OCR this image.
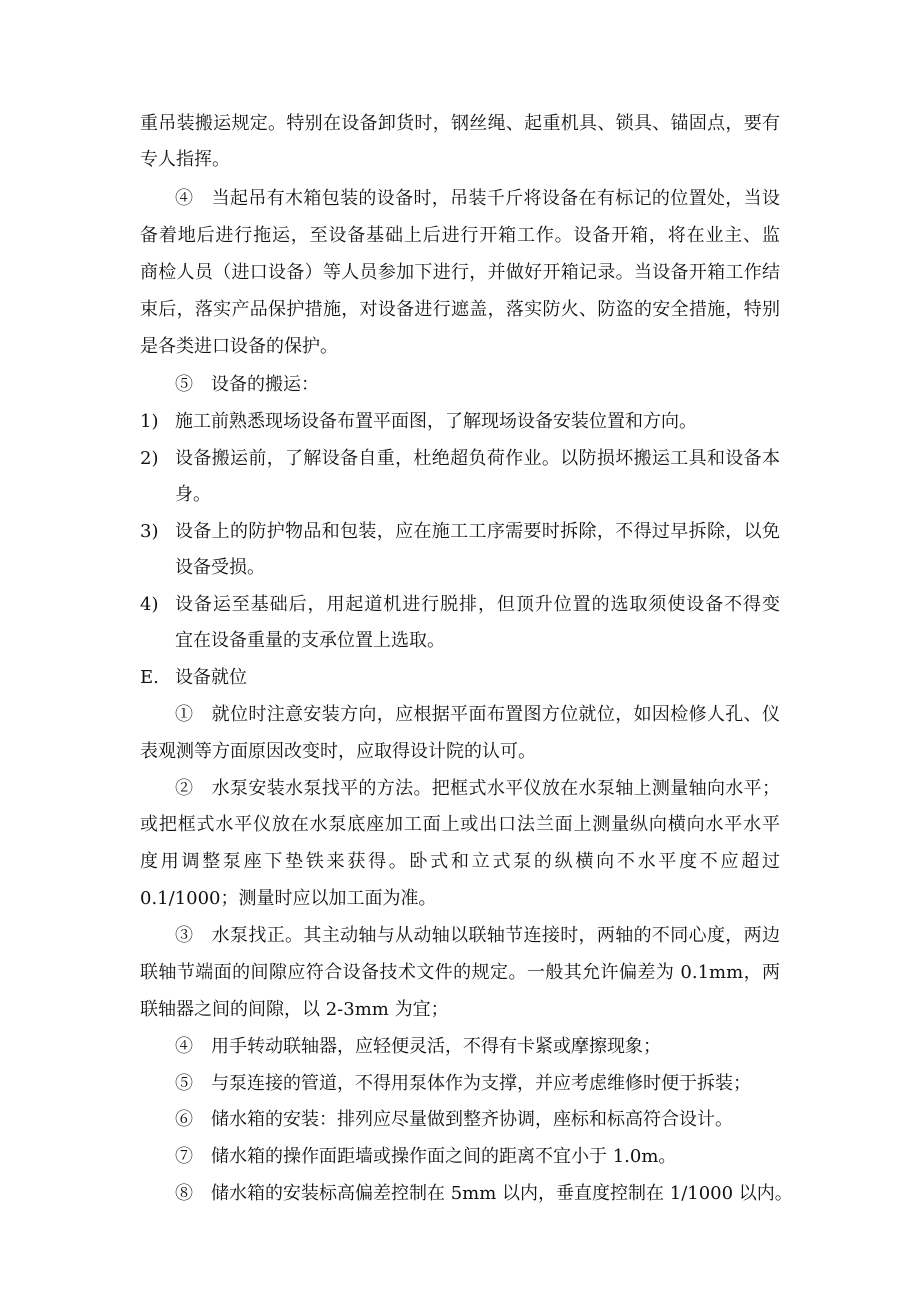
重吊装搬运规定。特别在设备卸货时，钢丝绳、起重机具、锁具、锚固点，要有
专人指挥。
④　当起吊有木箱包装的设备时，吊装千斤将设备在有标记的位置处，当设
备着地后进行拖运，至设备基础上后进行开箱工作。设备开箱，将在业主、监
商检人员（进口设备）等人员参加下进行，并做好开箱记录。当设备开箱工作结
束后，落实产品保护措施，对设备进行遮盖，落实防火、防盗的安全措施，特别
是各类进口设备的保护。
⑤　设备的搬运：
1) 施工前熟悉现场设备布置平面图，了解现场设备安装位置和方向。
2) 设备搬运前，了解设备自重，杜绝超负荷作业。以防损坏搬运工具和设备本
身。
3) 设备上的防护物品和包装，应在施工工序需要时拆除，不得过早拆除，以免
设备受损。
4) 设备运至基础后，用起道机进行脱排，但顶升位置的选取须使设备不得变
宜在设备重量的支承位置上选取。
E. 设备就位
①　就位时注意安装方向，应根据平面布置图方位就位，如因检修人孔、仪
表观测等方面原因改变时，应取得设计院的认可。
②　水泵安装水泵找平的方法。把框式水平仪放在水泵轴上测量轴向水平；
或把框式水平仪放在水泵底座加工面上或出口法兰面上测量纵向横向水平水平
度用调整泵座下垫铁来获得。卧式和立式泵的纵横向不水平度不应超过
0.1/1000；测量时应以加工面为准。
③　水泵找正。其主动轴与从动轴以联轴节连接时，两轴的不同心度，两边
联轴节端面的间隙应符合设备技术文件的规定。一般其允许偏差为 0.1mm，两
联轴器之间的间隙，以 2-3mm 为宜；
④　用手转动联轴器，应轻便灵活，不得有卡紧或摩擦现象；
⑤　与泵连接的管道，不得用泵体作为支撑，并应考虑维修时便于拆装；
⑥　储水箱的安装：排列应尽量做到整齐协调，座标和标高符合设计。
⑦　储水箱的操作面距墙或操作面之间的距离不宜小于 1.0m。
⑧　储水箱的安装标高偏差控制在 5mm 以内，垂直度控制在 1/1000 以内。
